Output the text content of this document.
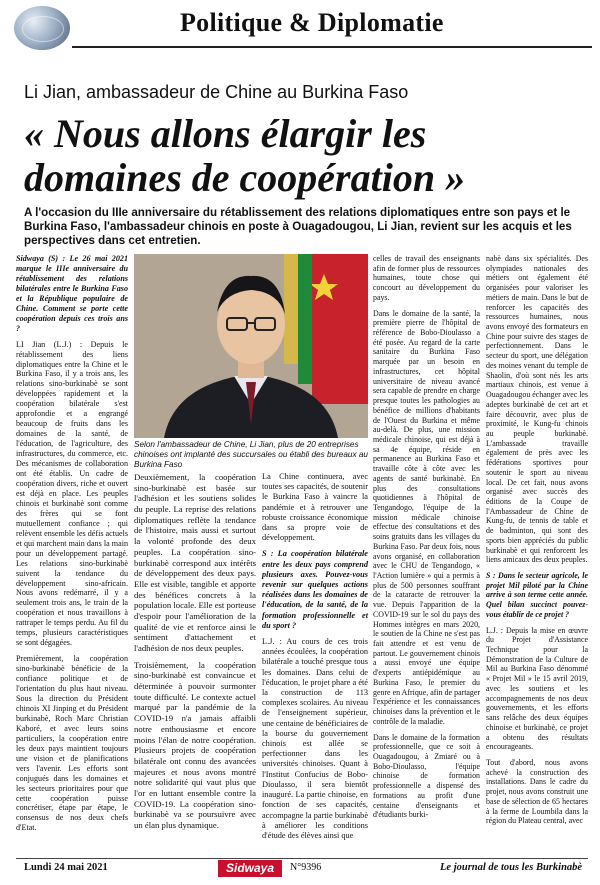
Politique & Diplomatie
Li Jian, ambassadeur de Chine au Burkina Faso
« Nous allons élargir les domaines de coopération »
A l'occasion du IIIe anniversaire du rétablissement des relations diplomatiques entre son pays et le Burkina Faso, l'ambassadeur chinois en poste à Ouagadougou, Li Jian, revient sur les acquis et les perspectives dans cet entretien.

Sidwaya (S) : Le 26 mai 2021 marque le IIIe anniversaire du rétablissement des relations bilatérales entre le Burkina Faso et la République populaire de Chine. Comment se porte cette coopération depuis ces trois ans ?

LI Jian (L.J.) : Depuis le rétablissement des liens diplomatiques entre la Chine et le Burkina Faso, il y a trois ans, les relations sino-burkinabè se sont développées rapidement et la coopération bilatérale s'est approfondie et a engrangé beaucoup de fruits dans les domaines de la santé, de l'éducation, de l'agriculture, des infrastructures, du commerce, etc. Des mécanismes de collaboration ont été établis. Un cadre de coopération divers, riche et ouvert est déjà en place. Les peuples chinois et burkinabè sont comme des frères qui se font mutuellement confiance ; qui relèvent ensemble les défis actuels et qui marchent main dans la main pour un développement partagé. Les relations sino-burkinabè suivent la tendance du développement sino-africain. Nous avons redémarré, il y a seulement trois ans, le train de la coopération et nous travaillons à rattraper le temps perdu. Au fil du temps, plusieurs caractéristiques se sont dégagées.

Premièrement, la coopération sino-burkinabè bénéficie de la confiance politique et de l'orientation du plus haut niveau. Sous la direction du Président chinois XI Jinping et du Président burkinabè, Roch Marc Christian Kaboré, et avec leurs soins particuliers, la coopération entre les deux pays maintient toujours une vision et de planifications vers l'avenir. Les efforts sont conjugués dans les domaines et les secteurs prioritaires pour que cette coopération puisse concrétiser, étape par étape, le consensus de nos deux chefs d'Etat.

Selon l'ambassadeur de Chine, Li Jian, plus de 20 entreprises chinoises ont implanté des succursales ou établi des bureaux au Burkina Faso

Deuxièmement, la coopération sino-burkinabè est basée sur l'adhésion et les soutiens solides du peuple. La reprise des relations diplomatiques reflète la tendance de l'histoire, mais aussi et surtout la volonté profonde des deux peuples. La coopération sino-burkinabè correspond aux intérêts de développement des deux pays. Elle est visible, tangible et apporte des bénéfices concrets à la population locale. Elle est porteuse d'espoir pour l'amélioration de la qualité de vie et renforce ainsi le sentiment d'attachement et l'adhésion de nos deux peuples.

Troisièmement, la coopération sino-burkinabè est convaincue et déterminée à pouvoir surmonter toute difficulté. Le contexte actuel marqué par la pandémie de la COVID-19 n'a jamais affaibli notre enthousiasme et encore moins l'élan de notre coopération. Plusieurs projets de coopération bilatérale ont connu des avancées majeures et nous avons montré notre solidarité qui vaut plus que l'or en luttant ensemble contre la COVID-19. La coopération sino-burkinabè va se poursuivre avec un élan plus dynamique.

La Chine continuera, avec toutes ses capacités, de soutenir le Burkina Faso à vaincre la pandémie et à retrouver une robuste croissance économique dans sa propre voie de développement.

S : La coopération bilatérale entre les deux pays comprend plusieurs axes. Pouvez-vous revenir sur quelques actions réalisées dans les domaines de l'éducation, de la santé, de la formation professionnelle et du sport ?

L.J. : Au cours de ces trois années écoulées, la coopération bilatérale a touché presque tous les domaines. Dans celui de l'éducation, le projet phare a été la construction de 113 complexes scolaires. Au niveau de l'enseignement supérieur, une centaine de bénéficiaires de la bourse du gouvernement chinois est allée se perfectionner dans les universités chinoises. Quant à l'Institut Confucius de Bobo-Dioulasso, il sera bientôt inauguré. La partie chinoise, en fonction de ses capacités, accompagne la partie burkinabè à améliorer les conditions d'étude des élèves ainsi que

celles de travail des enseignants afin de former plus de ressources humaines, toute chose qui concourt au développement du pays.

Dans le domaine de la santé, la première pierre de l'hôpital de référence de Bobo-Dioulasso a été posée. Au regard de la carte sanitaire du Burkina Faso marquée par un besoin en infrastructures, cet hôpital universitaire de niveau avancé sera capable de prendre en charge presque toutes les pathologies au bénéfice de millions d'habitants de l'Ouest du Burkina et même au-delà. De plus, une mission médicale chinoise, qui est déjà à sa 4e équipe, réside en permanence au Burkina Faso et travaille côte à côte avec les agents de santé burkinabè. En plus des consultations quotidiennes à l'hôpital de Tengandogo, l'équipe de la mission médicale chinoise effectue des consultations et des soins gratuits dans les villages du Burkina Faso. Par deux fois, nous avons organisé, en collaboration avec le CHU de Tengandogo, « l'Action lumière » qui a permis à plus de 500 personnes souffrant de la cataracte de retrouver la vue. Depuis l'apparition de la COVID-19 sur le sol du pays des Hommes intègres en mars 2020, le soutien de la Chine ne s'est pas fait attendre et est venu de partout. Le gouvernement chinois a aussi envoyé une équipe d'experts antiépidémique au Burkina Faso, le premier du genre en Afrique, afin de partager l'expérience et les connaissances chinoises dans la prévention et le contrôle de la maladie.

Dans le domaine de la formation professionnelle, que ce soit à Ouagadougou, à Zmiaré ou à Bobo-Dioulasso, l'équipe chinoise de formation professionnelle a dispensé des formations au profit d'une centaine d'enseignants et d'étudiants burki-

nabè dans six spécialités. Des olympiades nationales des métiers ont également été organisées pour valoriser les métiers de main. Dans le but de renforcer les capacités des ressources humaines, nous avons envoyé des formateurs en Chine pour suivre des stages de perfectionnement. Dans le secteur du sport, une délégation des moines venant du temple de Shaolin, d'où sont nés les arts martiaux chinois, est venue à Ouagadougou échanger avec les adeptes burkinabè de cet art et faire découvrir, avec plus de proximité, le Kung-fu chinois au peuple burkinabè. L'ambassade travaille également de près avec les fédérations sportives pour soutenir le sport au niveau local. De cet fait, nous avons organisé avec succès des éditions de la Coupe de l'Ambassadeur de Chine de Kung-fu, de tennis de table et de badminton, qui sont des sports bien appréciés du public burkinabè et qui renforcent les liens amicaux des deux peuples.

S : Dans le secteur agricole, le projet Mil piloté par la Chine arrive à son terme cette année. Quel bilan succinct pouvez-vous établir de ce projet ?

L.J. : Depuis la mise en œuvre du Projet d'Assistance Technique pour la Démonstration de la Culture de Mil au Burkina Faso dénommé « Projet Mil » le 15 avril 2019, avec les soutiens et les accompagnements de nos deux gouvernements, et les efforts sans relâche des deux équipes chinoise et burkinabè, ce projet a obtenu des résultats encourageants.

Tout d'abord, nous avons achevé la construction des installations. Dans le cadre du projet, nous avons construit une base de sélection de 65 hectares à la ferme de Loumbila dans la région du Plateau central, avec

Lundi 24 mai 2021	Sidwaya	N°9396	Le journal de tous les Burkinabè
